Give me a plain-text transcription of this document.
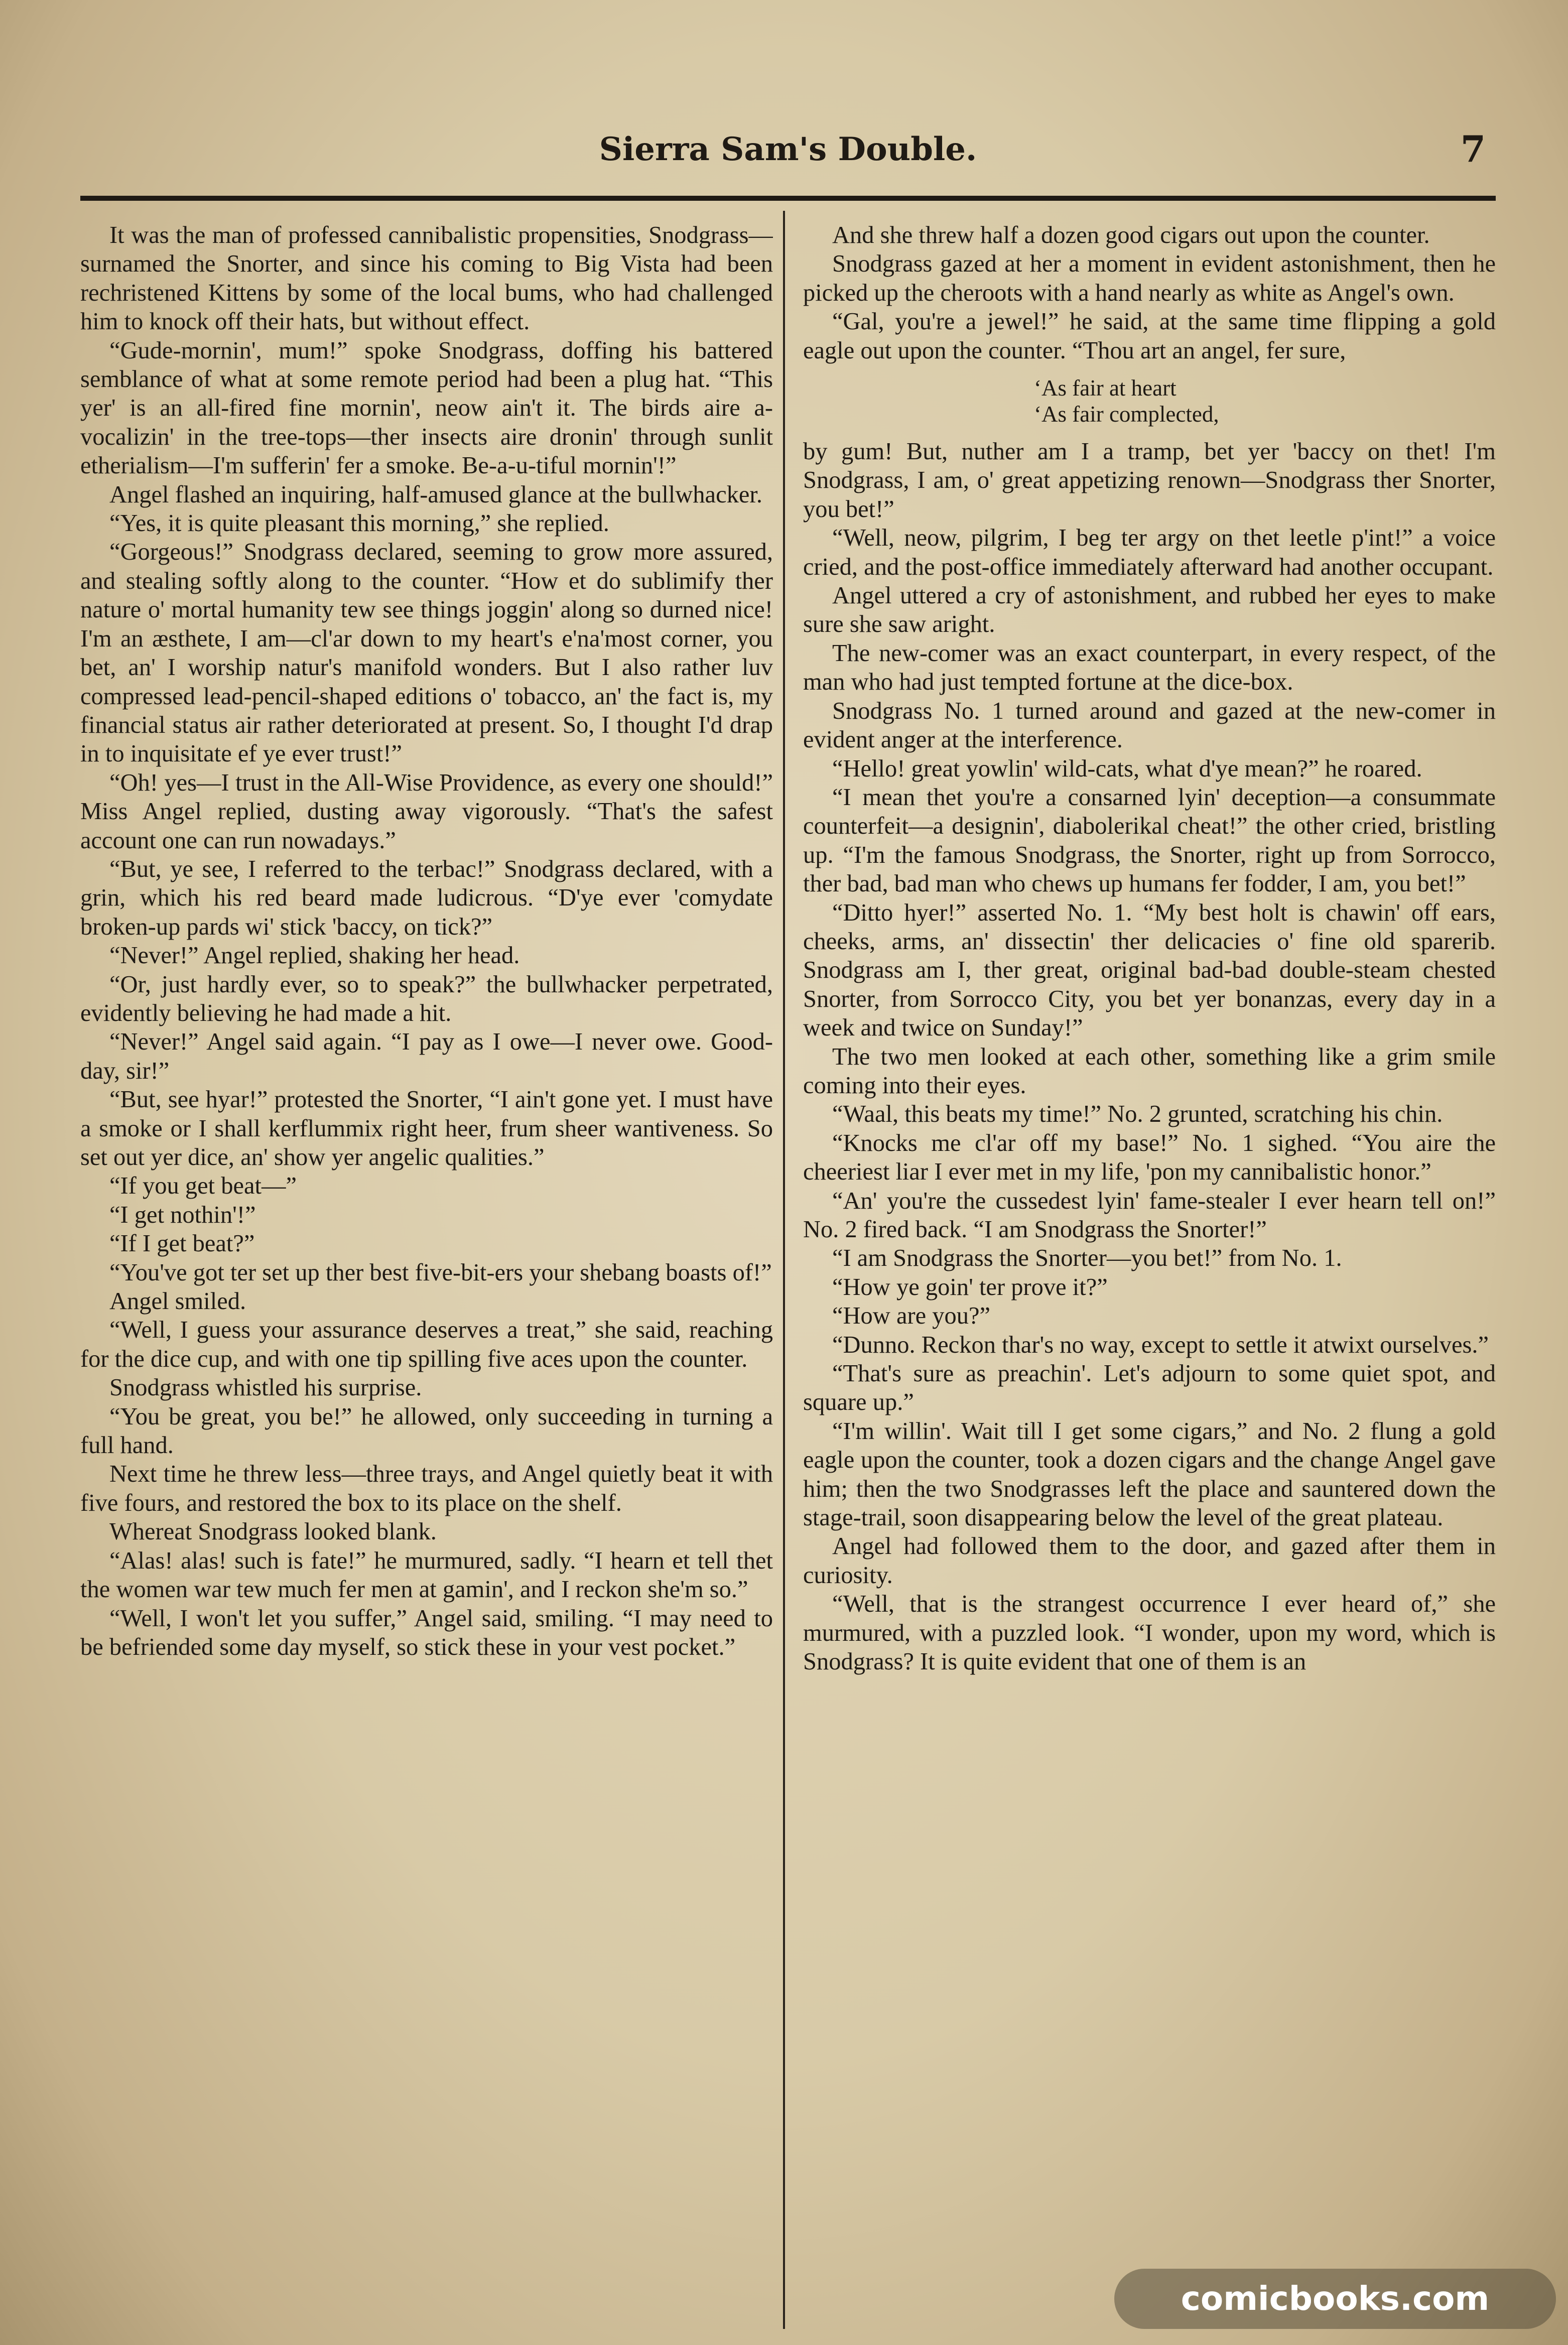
Sierra Sam's Double.	7

It was the man of professed cannibalistic propensities, Snodgrass—surnamed the Snorter, and since his coming to Big Vista had been rechristened Kittens by some of the local bums, who had challenged him to knock off their hats, but without effect.

“Gude-mornin', mum!” spoke Snodgrass, doffing his battered semblance of what at some remote period had been a plug hat. “This yer' is an all-fired fine mornin', neow ain't it. The birds aire a-vocalizin' in the tree-tops—ther insects aire dronin' through sunlit etherialism—I'm sufferin' fer a smoke. Be-a-u-tiful mornin'!”

Angel flashed an inquiring, half-amused glance at the bullwhacker.

“Yes, it is quite pleasant this morning,” she replied.

“Gorgeous!” Snodgrass declared, seeming to grow more assured, and stealing softly along to the counter. “How et do sublimify ther nature o' mortal humanity tew see things joggin' along so durned nice! I'm an æsthete, I am—cl'ar down to my heart's e'na'most corner, you bet, an' I worship natur's manifold wonders. But I also rather luv compressed lead-pencil-shaped editions o' tobacco, an' the fact is, my financial status air rather deteriorated at present. So, I thought I'd drap in to inquisitate ef ye ever trust!”

“Oh! yes—I trust in the All-Wise Providence, as every one should!” Miss Angel replied, dusting away vigorously. “That's the safest account one can run nowadays.”

“But, ye see, I referred to the terbac!” Snodgrass declared, with a grin, which his red beard made ludicrous. “D'ye ever 'comydate broken-up pards wi' stick 'baccy, on tick?”

“Never!” Angel replied, shaking her head.

“Or, just hardly ever, so to speak?” the bullwhacker perpetrated, evidently believing he had made a hit.

“Never!” Angel said again. “I pay as I owe—I never owe. Good-day, sir!”

“But, see hyar!” protested the Snorter, “I ain't gone yet. I must have a smoke or I shall kerflummix right heer, frum sheer wantiveness. So set out yer dice, an' show yer angelic qualities.”

“If you get beat—”

“I get nothin'!”

“If I get beat?”

“You've got ter set up ther best five-bit-ers your shebang boasts of!”

Angel smiled.

“Well, I guess your assurance deserves a treat,” she said, reaching for the dice cup, and with one tip spilling five aces upon the counter.

Snodgrass whistled his surprise.

“You be great, you be!” he allowed, only succeeding in turning a full hand.

Next time he threw less—three trays, and Angel quietly beat it with five fours, and restored the box to its place on the shelf.

Whereat Snodgrass looked blank.

“Alas! alas! such is fate!” he murmured, sadly. “I hearn et tell thet the women war tew much fer men at gamin', and I reckon she'm so.”

“Well, I won't let you suffer,” Angel said, smiling. “I may need to be befriended some day myself, so stick these in your vest pocket.”

And she threw half a dozen good cigars out upon the counter.

Snodgrass gazed at her a moment in evident astonishment, then he picked up the cheroots with a hand nearly as white as Angel's own.

“Gal, you're a jewel!” he said, at the same time flipping a gold eagle out upon the counter. “Thou art an angel, fer sure,

‘As fair at heart

‘As fair complected,

by gum! But, nuther am I a tramp, bet yer 'baccy on thet! I'm Snodgrass, I am, o' great appetizing renown—Snodgrass ther Snorter, you bet!”

“Well, neow, pilgrim, I beg ter argy on thet leetle p'int!” a voice cried, and the post-office immediately afterward had another occupant.

Angel uttered a cry of astonishment, and rubbed her eyes to make sure she saw aright.

The new-comer was an exact counterpart, in every respect, of the man who had just tempted fortune at the dice-box.

Snodgrass No. 1 turned around and gazed at the new-comer in evident anger at the interference.

“Hello! great yowlin' wild-cats, what d'ye mean?” he roared.

“I mean thet you're a consarned lyin' deception—a consummate counterfeit—a designin', diabolerikal cheat!” the other cried, bristling up. “I'm the famous Snodgrass, the Snorter, right up from Sorrocco, ther bad, bad man who chews up humans fer fodder, I am, you bet!”

“Ditto hyer!” asserted No. 1. “My best holt is chawin' off ears, cheeks, arms, an' dissectin' ther delicacies o' fine old sparerib. Snodgrass am I, ther great, original bad-bad double-steam chested Snorter, from Sorrocco City, you bet yer bonanzas, every day in a week and twice on Sunday!”

The two men looked at each other, something like a grim smile coming into their eyes.

“Waal, this beats my time!” No. 2 grunted, scratching his chin.

“Knocks me cl'ar off my base!” No. 1 sighed. “You aire the cheeriest liar I ever met in my life, 'pon my cannibalistic honor.”

“An' you're the cussedest lyin' fame-stealer I ever hearn tell on!” No. 2 fired back. “I am Snodgrass the Snorter!”

“I am Snodgrass the Snorter—you bet!” from No. 1.

“How ye goin' ter prove it?”

“How are you?”

“Dunno. Reckon thar's no way, except to settle it atwixt ourselves.”

“That's sure as preachin'. Let's adjourn to some quiet spot, and square up.”

“I'm willin'. Wait till I get some cigars,” and No. 2 flung a gold eagle upon the counter, took a dozen cigars and the change Angel gave him; then the two Snodgrasses left the place and sauntered down the stage-trail, soon disappearing below the level of the great plateau.

Angel had followed them to the door, and gazed after them in curiosity.

“Well, that is the strangest occurrence I ever heard of,” she murmured, with a puzzled look. “I wonder, upon my word, which is Snodgrass? It is quite evident that one of them is an

comicbooks.com
